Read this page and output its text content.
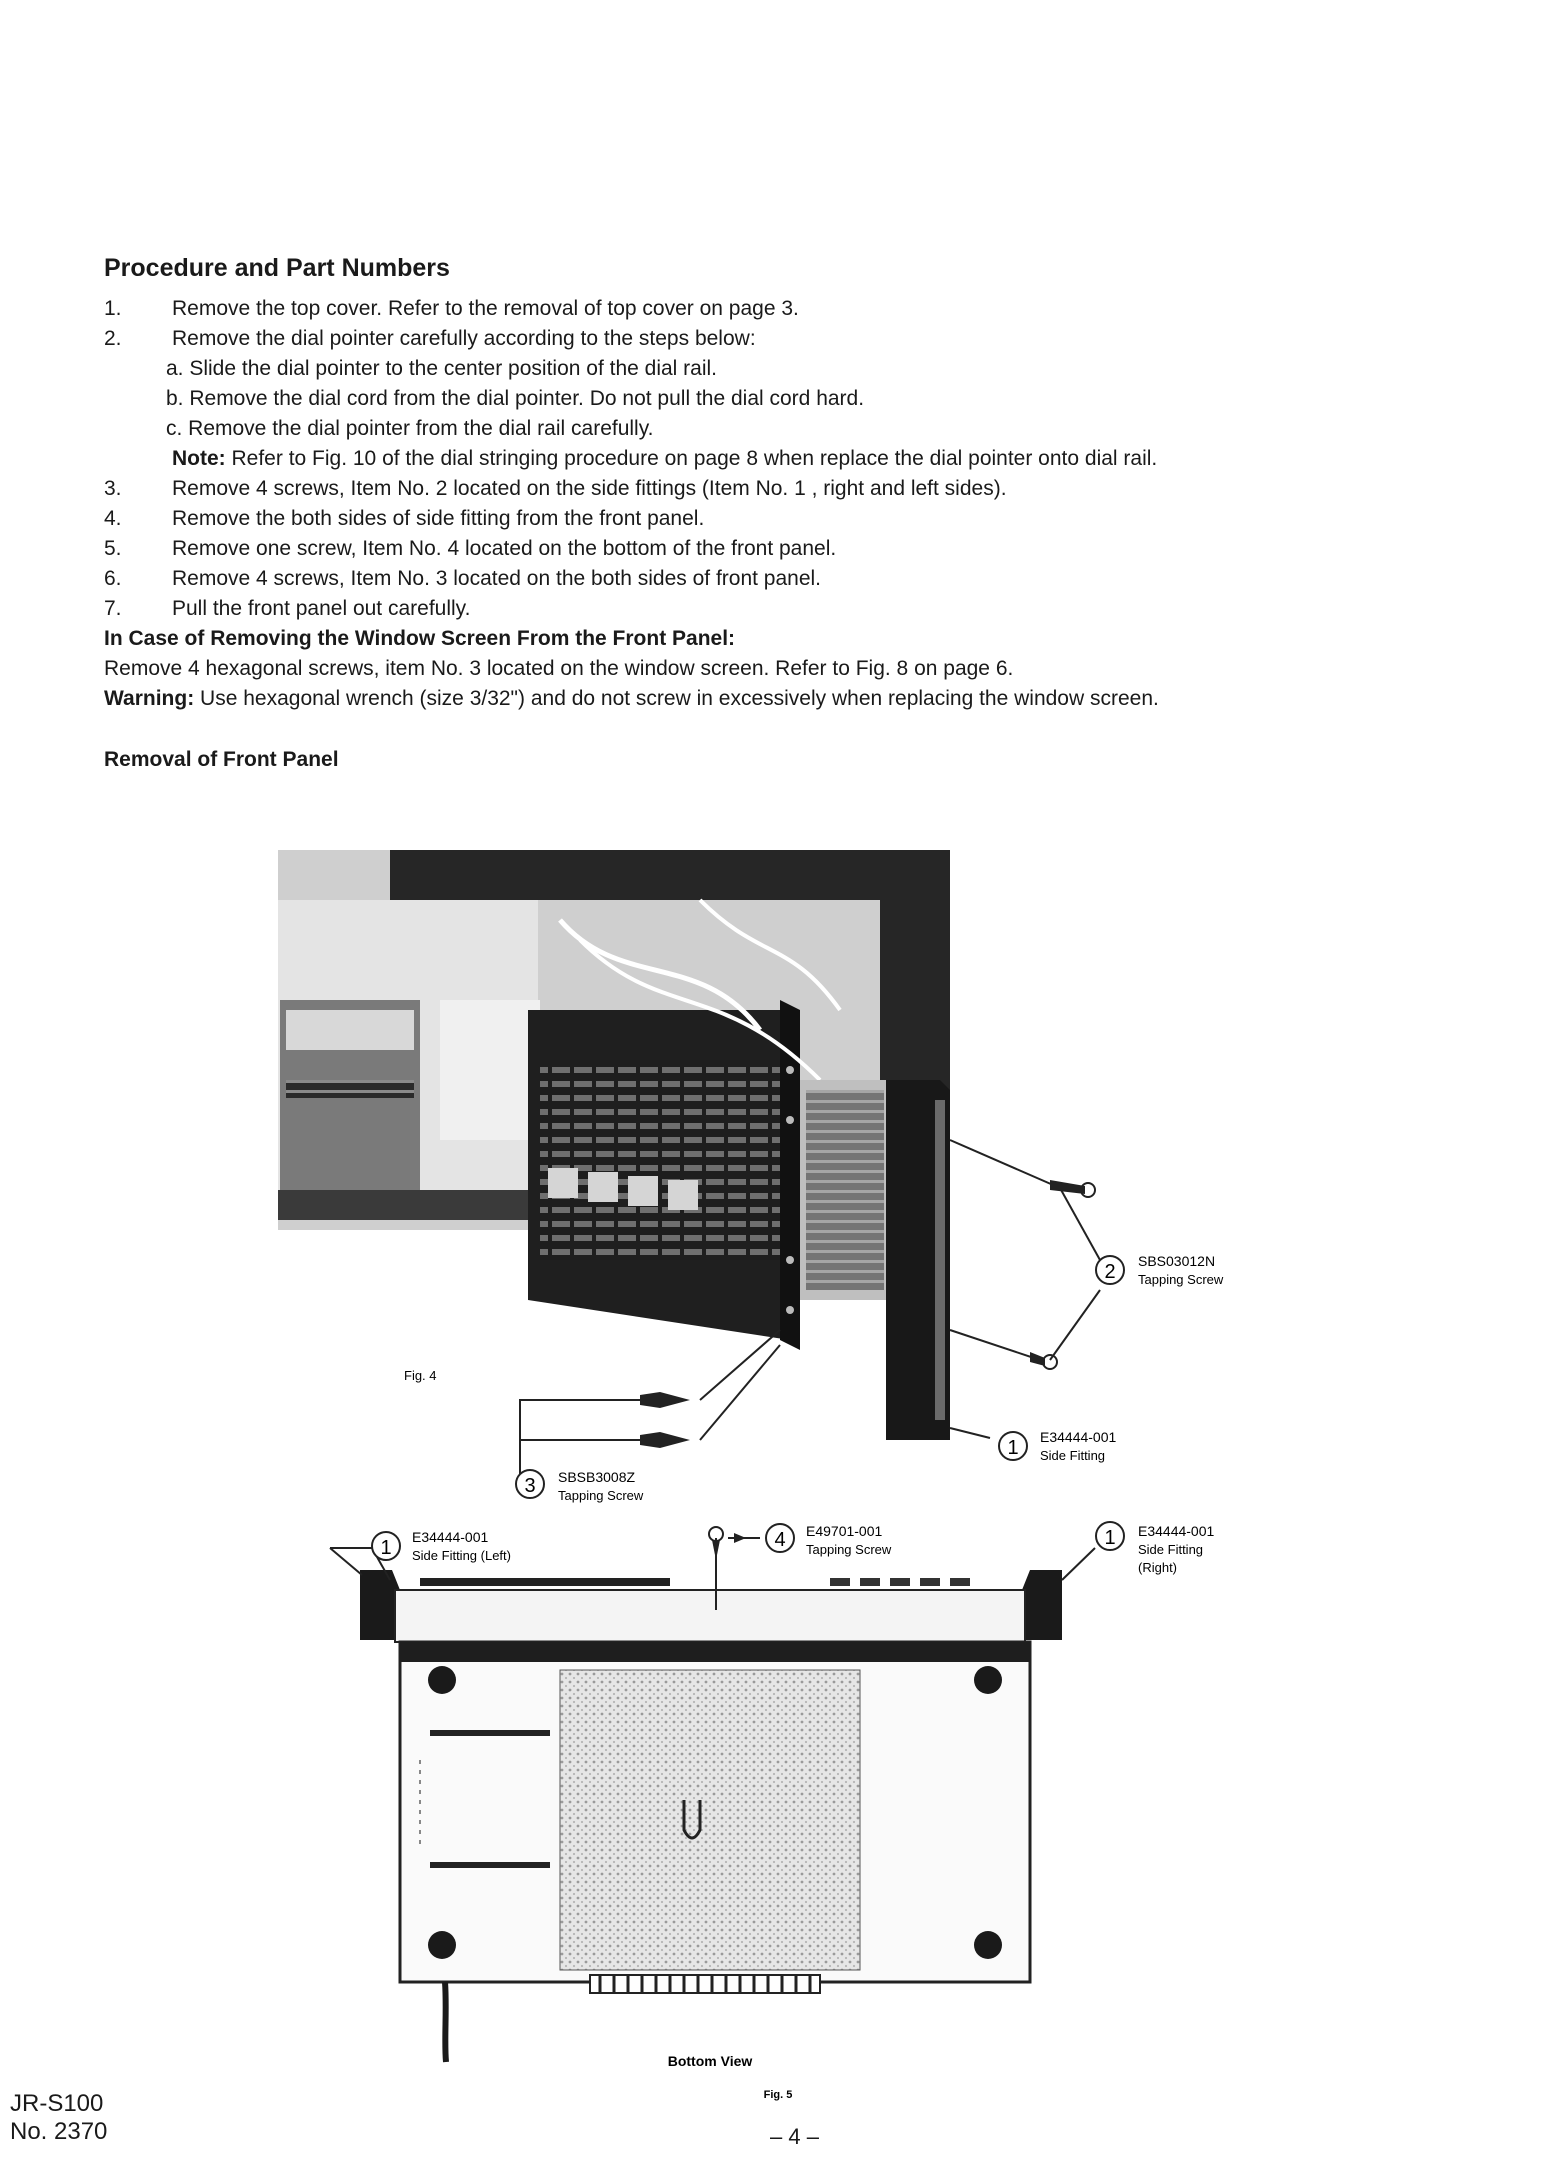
Procedure and Part Numbers
1.	Remove the top cover. Refer to the removal of top cover on page 3.
2.	Remove the dial pointer carefully according to the steps below:
a. Slide the dial pointer to the center position of the dial rail.
b. Remove the dial cord from the dial pointer. Do not pull the dial cord hard.
c. Remove the dial pointer from the dial rail carefully.
Note: Refer to Fig. 10 of the dial stringing procedure on page 8 when replace the dial pointer onto dial rail.
3.	Remove 4 screws, Item No. 2 located on the side fittings (Item No. 1 , right and left sides).
4.	Remove the both sides of side fitting from the front panel.
5.	Remove one screw, Item No. 4 located on the bottom of the front panel.
6.	Remove 4 screws, Item No. 3 located on the both sides of front panel.
7.	Pull the front panel out carefully.
In Case of Removing the Window Screen From the Front Panel:
Remove 4 hexagonal screws, item No. 3 located on the window screen. Refer to Fig. 8 on page 6.
Warning: Use hexagonal wrench (size 3/32") and do not screw in excessively when replacing the window screen.
Removal of Front Panel
2 SBS03012N
Tapping Screw
1 E34444-001
Side Fitting
3 SBSB3008Z
Tapping Screw
Fig. 4
1 E34444-001
Side Fitting (Left)
4 E49701-001
Tapping Screw
1 E34444-001
Side Fitting
(Right)
Bottom View
Fig. 5
JR-S100
No. 2370	– 4 –
